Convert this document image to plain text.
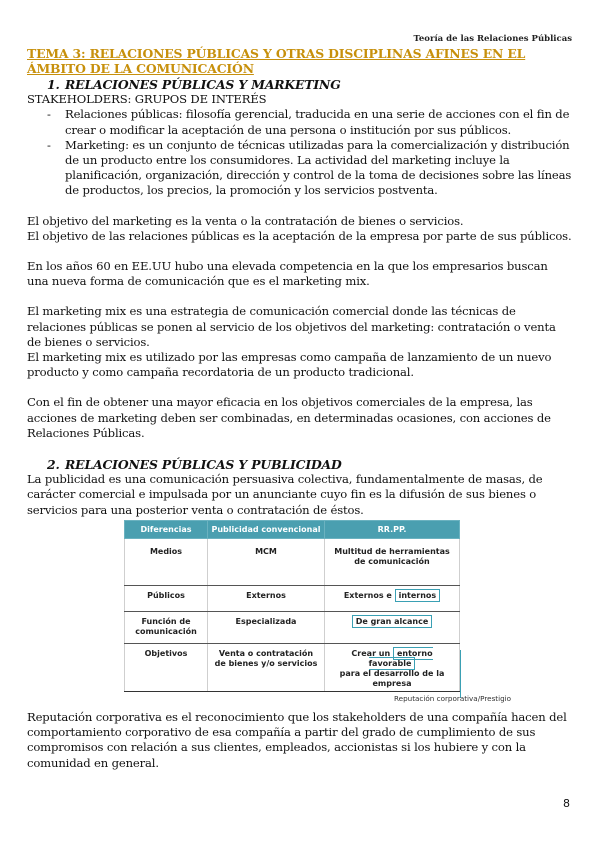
Teoría de las Relaciones Públicas

TEMA 3: RELACIONES PÚBLICAS Y OTRAS DISCIPLINAS AFINES EN EL ÁMBITO DE LA COMUNICACIÓN

1. RELACIONES PÚBLICAS Y MARKETING

STAKEHOLDERS: GRUPOS DE INTERÉS

- Relaciones públicas: filosofía gerencial, traducida en una serie de acciones con el fin de crear o modificar la aceptación de una persona o institución por sus públicos.
- Marketing: es un conjunto de técnicas utilizadas para la comercialización y distribución de un producto entre los consumidores. La actividad del marketing incluye la planificación, organización, dirección y control de la toma de decisiones sobre las líneas de productos, los precios, la promoción y los servicios postventa.

El objetivo del marketing es la venta o la contratación de bienes o servicios.

El objetivo de las relaciones públicas es la aceptación de la empresa por parte de sus públicos.

En los años 60 en EE.UU hubo una elevada competencia en la que los empresarios buscan una nueva forma de comunicación que es el marketing mix.

El marketing mix es una estrategia de comunicación comercial donde las técnicas de relaciones públicas se ponen al servicio de los objetivos del marketing: contratación o venta de bienes o servicios.

El marketing mix es utilizado por las empresas como campaña de lanzamiento de un nuevo producto y como campaña recordatoria de un producto tradicional.

Con el fin de obtener una mayor eficacia en los objetivos comerciales de la empresa, las acciones de marketing deben ser combinadas, en determinadas ocasiones, con acciones de Relaciones Públicas.

2. RELACIONES PÚBLICAS Y PUBLICIDAD

La publicidad es una comunicación persuasiva colectiva, fundamentalmente de masas, de carácter comercial e impulsada por un anunciante cuyo fin es la difusión de sus bienes o servicios para una posterior venta o contratación de éstos.

Diferencias	Publicidad convencional	RR.PP.
Medios	MCM	Multitud de herramientas de comunicación
Públicos	Externos	Externos e internos
Función de comunicación	Especializada	De gran alcance
Objetivos	Venta o contratación de bienes y/o servicios	Crear un entorno favorable
para el desarrollo de la empresa
Reputación corporativa/Prestigio

Reputación corporativa es el reconocimiento que los stakeholders de una compañía hacen del comportamiento corporativo de esa compañía a partir del grado de cumplimiento de sus compromisos con relación a sus clientes, empleados, accionistas si los hubiere y con la comunidad en general.

8
